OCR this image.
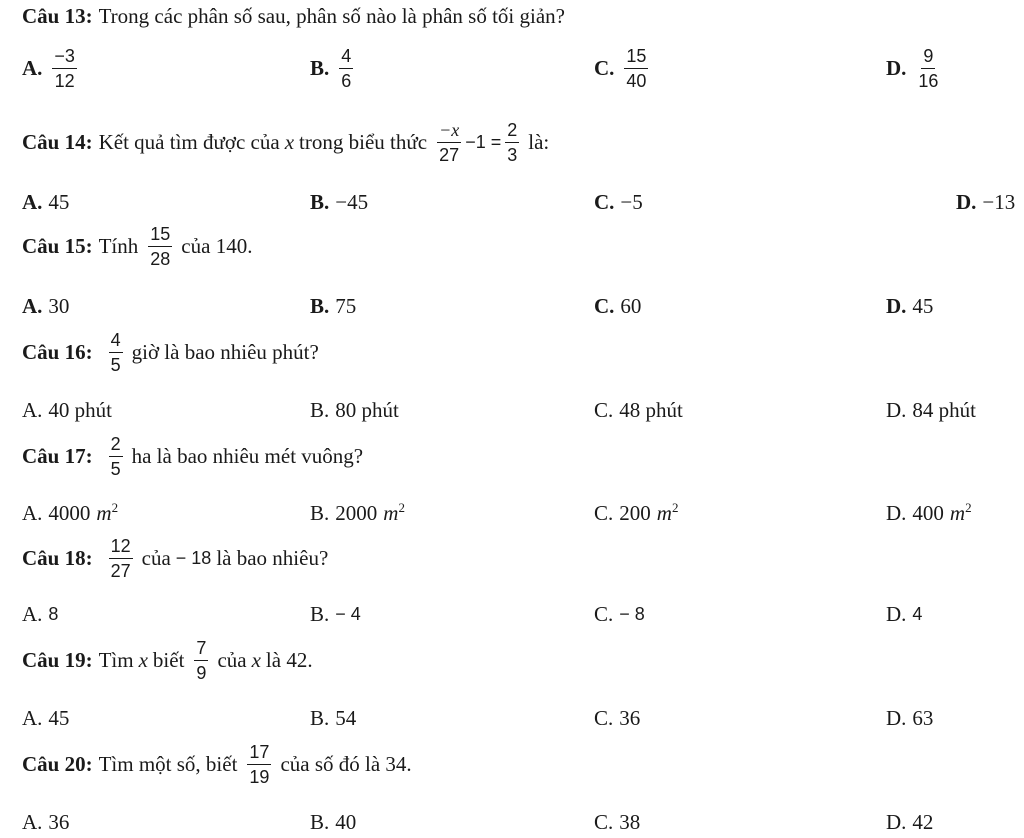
Câu 13: Trong các phân số sau, phân số nào là phân số tối giản?
A. $\frac{-3}{12}$	B. $\frac{4}{6}$	C. $\frac{15}{40}$	D. $\frac{9}{16}$
Câu 14: Kết quả tìm được của x trong biểu thức $\frac{-x}{27} -1 = \frac{2}{3}$ là:
A. 45	B. −45	C. −5	D. −13
Câu 15: Tính $\frac{15}{28}$ của 140.
A. 30	B. 75	C. 60	D. 45
Câu 16: $\frac{4}{5}$ giờ là bao nhiêu phút?
A. 40 phút	B. 80 phút	C. 48 phút	D. 84 phút
Câu 17: $\frac{2}{5}$ ha là bao nhiêu mét vuông?
A. 4000 $m^2$	B. 2000 $m^2$	C. 200 $m^2$	D. 400 $m^2$
Câu 18: $\frac{12}{27}$ của − 18 là bao nhiêu?
A. 8	B. − 4	C. − 8	D. 4
Câu 19: Tìm x biết $\frac{7}{9}$ của x là 42.
A. 45	B. 54	C. 36	D. 63
Câu 20: Tìm một số, biết $\frac{17}{19}$ của số đó là 34.
A. 36	B. 40	C. 38	D. 42
